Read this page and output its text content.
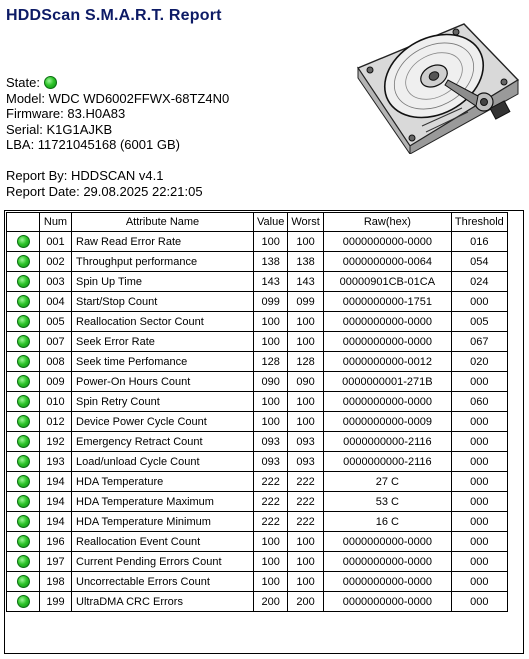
HDDScan S.M.A.R.T. Report
State:
Model: WDC WD6002FFWX-68TZ4N0
Firmware: 83.H0A83
Serial: K1G1AJKB
LBA: 11721045168 (6001 GB)
Report By: HDDSCAN v4.1
Report Date: 29.08.2025 22:21:05
	Num	Attribute Name	Value	Worst	Raw(hex)	Threshold
	001	Raw Read Error Rate	100	100	0000000000-0000	016
	002	Throughput performance	138	138	0000000000-0064	054
	003	Spin Up Time	143	143	00000901CB-01CA	024
	004	Start/Stop Count	099	099	0000000000-1751	000
	005	Reallocation Sector Count	100	100	0000000000-0000	005
	007	Seek Error Rate	100	100	0000000000-0000	067
	008	Seek time Perfomance	128	128	0000000000-0012	020
	009	Power-On Hours Count	090	090	0000000001-271B	000
	010	Spin Retry Count	100	100	0000000000-0000	060
	012	Device Power Cycle Count	100	100	0000000000-0009	000
	192	Emergency Retract Count	093	093	0000000000-2116	000
	193	Load/unload Cycle Count	093	093	0000000000-2116	000
	194	HDA Temperature	222	222	27 C	000
	194	HDA Temperature Maximum	222	222	53 C	000
	194	HDA Temperature Minimum	222	222	16 C	000
	196	Reallocation Event Count	100	100	0000000000-0000	000
	197	Current Pending Errors Count	100	100	0000000000-0000	000
	198	Uncorrectable Errors Count	100	100	0000000000-0000	000
	199	UltraDMA CRC Errors	200	200	0000000000-0000	000
